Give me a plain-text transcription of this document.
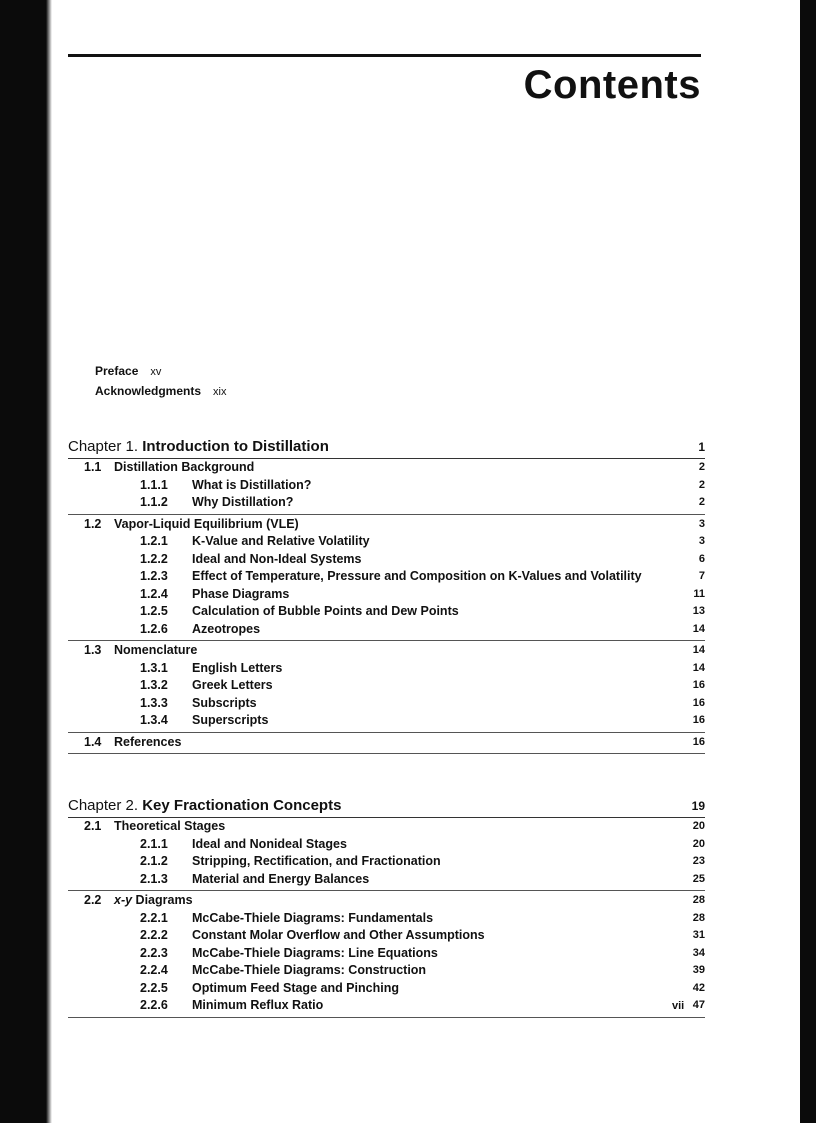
Contents
Preface xv
Acknowledgments xix
Chapter 1. Introduction to Distillation	1
1.1	Distillation Background	2
1.1.1	What is Distillation?	2
1.1.2	Why Distillation?	2
1.2	Vapor-Liquid Equilibrium (VLE)	3
1.2.1	K-Value and Relative Volatility	3
1.2.2	Ideal and Non-Ideal Systems	6
1.2.3	Effect of Temperature, Pressure and Composition on K-Values and Volatility	7
1.2.4	Phase Diagrams	11
1.2.5	Calculation of Bubble Points and Dew Points	13
1.2.6	Azeotropes	14
1.3	Nomenclature	14
1.3.1	English Letters	14
1.3.2	Greek Letters	16
1.3.3	Subscripts	16
1.3.4	Superscripts	16
1.4	References	16
Chapter 2. Key Fractionation Concepts	19
2.1	Theoretical Stages	20
2.1.1	Ideal and Nonideal Stages	20
2.1.2	Stripping, Rectification, and Fractionation	23
2.1.3	Material and Energy Balances	25
2.2	x-y Diagrams	28
2.2.1	McCabe-Thiele Diagrams: Fundamentals	28
2.2.2	Constant Molar Overflow and Other Assumptions	31
2.2.3	McCabe-Thiele Diagrams: Line Equations	34
2.2.4	McCabe-Thiele Diagrams: Construction	39
2.2.5	Optimum Feed Stage and Pinching	42
2.2.6	Minimum Reflux Ratio	47
vii
